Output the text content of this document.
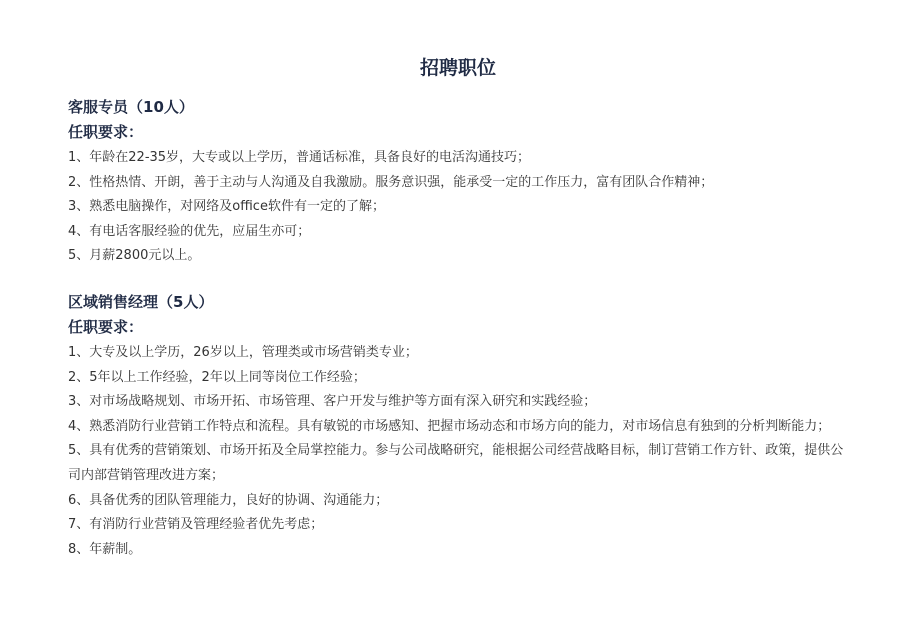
招聘职位
客服专员（10人）
任职要求：
1、年龄在22-35岁，大专或以上学历，普通话标准，具备良好的电活沟通技巧；
2、性格热情、开朗，善于主动与人沟通及自我激励。服务意识强，能承受一定的工作压力，富有团队合作精神；
3、熟悉电脑操作，对网络及office软件有一定的了解；
4、有电话客服经验的优先，应届生亦可；
5、月薪2800元以上。
区域销售经理（5人）
任职要求：
1、大专及以上学历，26岁以上，管理类或市场营销类专业；
2、5年以上工作经验，2年以上同等岗位工作经验；
3、对市场战略规划、市场开拓、市场管理、客户开发与维护等方面有深入研究和实践经验；
4、熟悉消防行业营销工作特点和流程。具有敏锐的市场感知、把握市场动态和市场方向的能力，对市场信息有独到的分析判断能力；
5、具有优秀的营销策划、市场开拓及全局掌控能力。参与公司战略研究，能根据公司经营战略目标，制订营销工作方针、政策，提供公司内部营销管理改进方案；
6、具备优秀的团队管理能力，良好的协调、沟通能力；
7、有消防行业营销及管理经验者优先考虑；
8、年薪制。
